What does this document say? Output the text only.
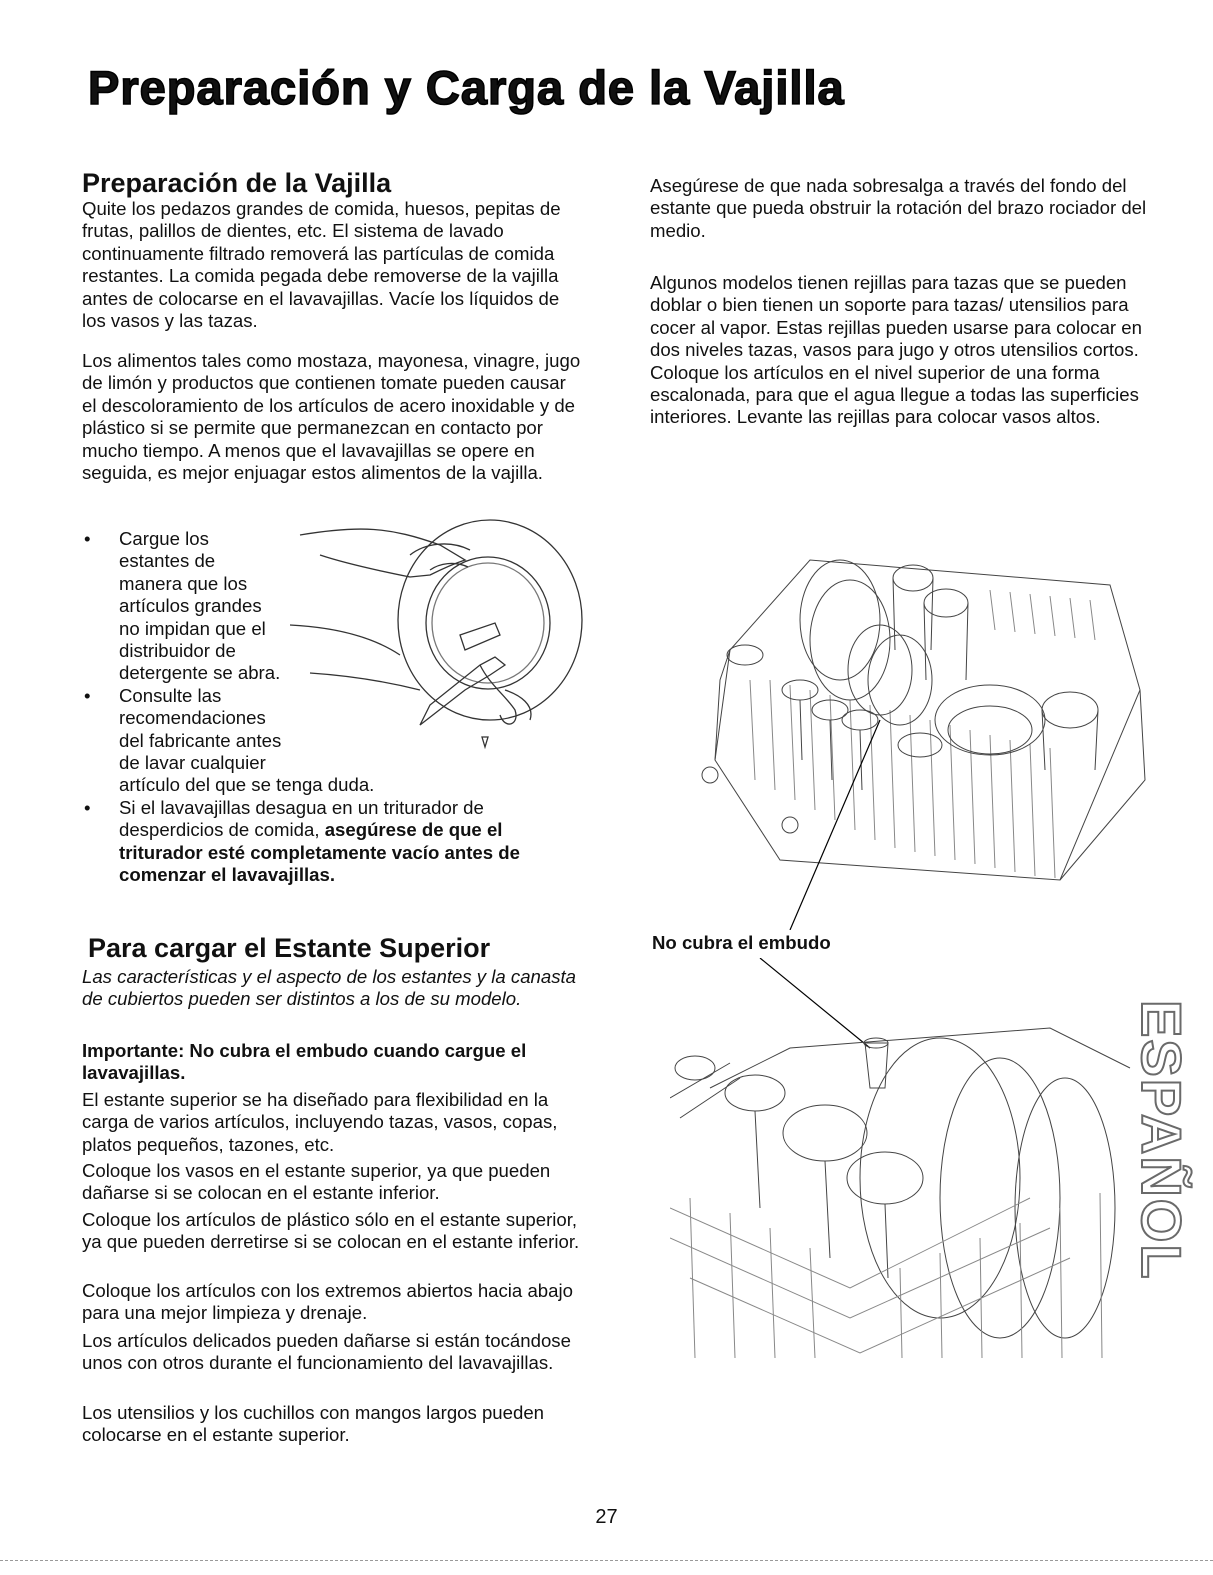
Preparación y Carga de la Vajilla
Preparación de la Vajilla

Quite los pedazos grandes de comida, huesos, pepitas de frutas, palillos de dientes, etc. El sistema de lavado continuamente filtrado removerá las partículas de comida restantes. La comida pegada debe removerse de la vajilla antes de colocarse en el lavavajillas. Vacíe los líquidos de los vasos y las tazas.

Los alimentos tales como mostaza, mayonesa, vinagre, jugo de limón y productos que contienen tomate pueden causar el descoloramiento de los artículos de acero inoxidable y de plástico si se permite que permanezcan en contacto por mucho tiempo. A menos que el lavavajillas se opere en seguida, es mejor enjuagar estos alimentos de la vajilla.

• Cargue los
estantes de
manera que los
artículos grandes
no impidan que el
distribuidor de
detergente se abra.
• Consulte las
recomendaciones
del fabricante antes
de lavar cualquier
artículo del que se tenga duda.
• Si el lavavajillas desagua en un triturador de desperdicios de comida, asegúrese de que el triturador esté completamente vacío antes de comenzar el lavavajillas.

Asegúrese de que nada sobresalga a través del fondo del estante que pueda obstruir la rotación del brazo rociador del medio.

Algunos modelos tienen rejillas para tazas que se pueden doblar o bien tienen un soporte para tazas/ utensilios para cocer al vapor. Estas rejillas pueden usarse para colocar en dos niveles tazas, vasos para jugo y otros utensilios cortos. Coloque los artículos en el nivel superior de una forma escalonada, para que el agua llegue a todas las superficies interiores. Levante las rejillas para colocar vasos altos.

No cubra el embudo
Para cargar el Estante Superior

Las características y el aspecto de los estantes y la canasta de cubiertos pueden ser distintos a los de su modelo.

Importante: No cubra el embudo cuando cargue el lavavajillas.

El estante superior se ha diseñado para flexibilidad en la carga de varios artículos, incluyendo tazas, vasos, copas, platos pequeños, tazones, etc.

Coloque los vasos en el estante superior, ya que pueden dañarse si se colocan en el estante inferior.

Coloque los artículos de plástico sólo en el estante superior, ya que pueden derretirse si se colocan en el estante inferior.

Coloque los artículos con los extremos abiertos hacia abajo para una mejor limpieza y drenaje.

Los artículos delicados pueden dañarse si están tocándose unos con otros durante el funcionamiento del lavavajillas.

Los utensilios y los cuchillos con mangos largos pueden colocarse en el estante superior.

ESPAÑOL
27
